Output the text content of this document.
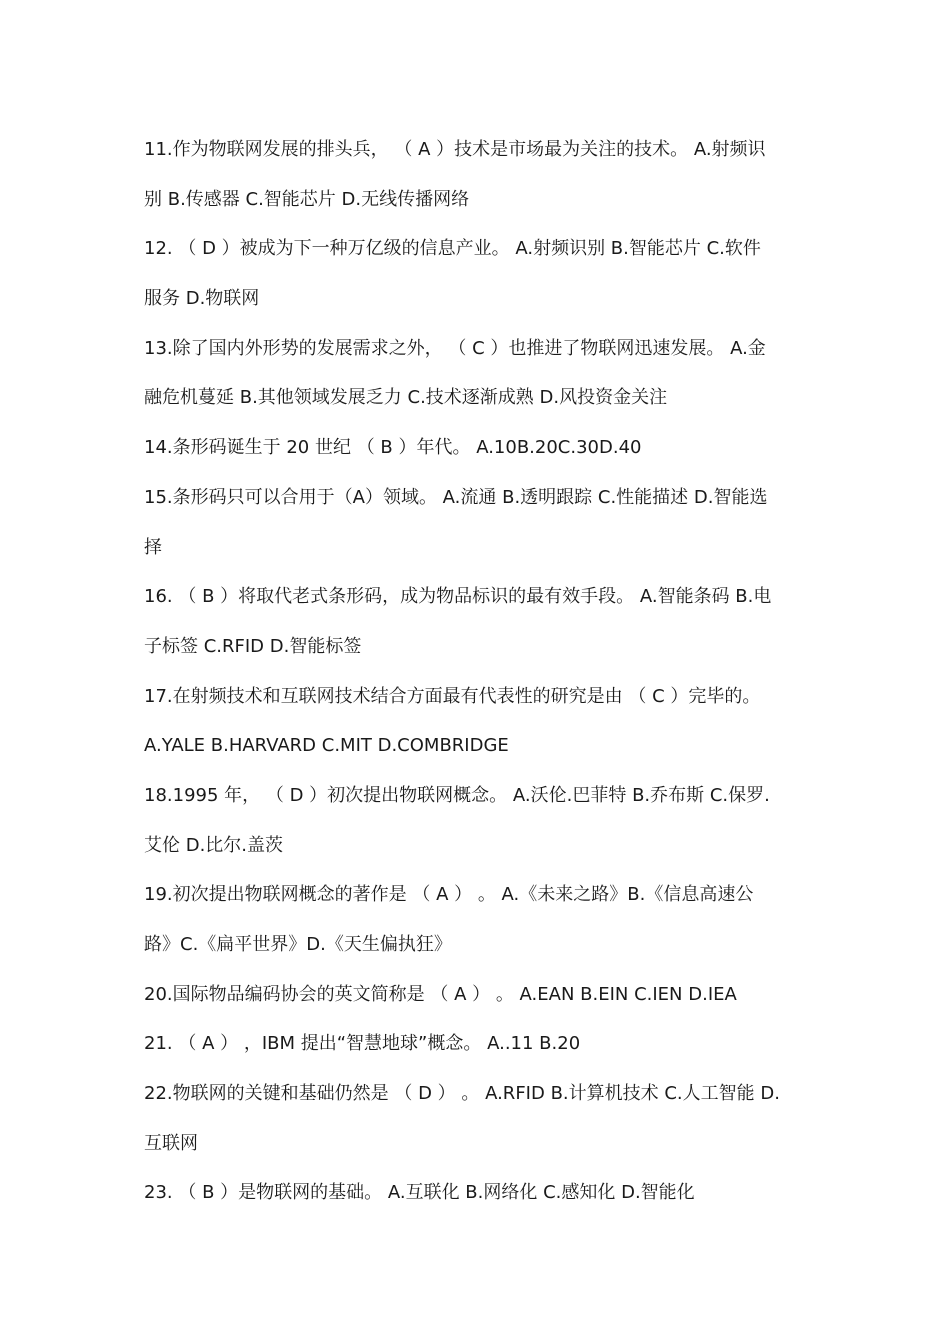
11.作为物联网发展的排头兵， （ A ）技术是市场最为关注的技术。 A.射频识
别 B.传感器 C.智能芯片 D.无线传播网络
12. （ D ）被成为下一种万亿级的信息产业。 A.射频识别 B.智能芯片 C.软件
服务 D.物联网
13.除了国内外形势的发展需求之外， （ C ）也推进了物联网迅速发展。 A.金
融危机蔓延 B.其他领域发展乏力 C.技术逐渐成熟 D.风投资金关注
14.条形码诞生于 20 世纪 （ B ）年代。 A.10B.20C.30D.40
15.条形码只可以合用于（A）领域。 A.流通 B.透明跟踪 C.性能描述 D.智能选
择
16. （ B ）将取代老式条形码，成为物品标识的最有效手段。 A.智能条码 B.电
子标签 C.RFID D.智能标签
17.在射频技术和互联网技术结合方面最有代表性的研究是由 （ C ）完毕的。
A.YALE B.HARVARD C.MIT D.COMBRIDGE
18.1995 年， （ D ）初次提出物联网概念。 A.沃伦.巴菲特 B.乔布斯 C.保罗.
艾伦 D.比尔.盖茨
19.初次提出物联网概念的著作是 （ A ） 。 A.《未来之路》B.《信息高速公
路》C.《扁平世界》D.《天生偏执狂》
20.国际物品编码协会的英文简称是 （ A ） 。 A.EAN B.EIN C.IEN D.IEA
21. （ A ） ，IBM 提出“智慧地球”概念。 A..11 B.20
22.物联网的关键和基础仍然是 （ D ） 。 A.RFID B.计算机技术 C.人工智能 D.
互联网
23. （ B ）是物联网的基础。 A.互联化 B.网络化 C.感知化 D.智能化
